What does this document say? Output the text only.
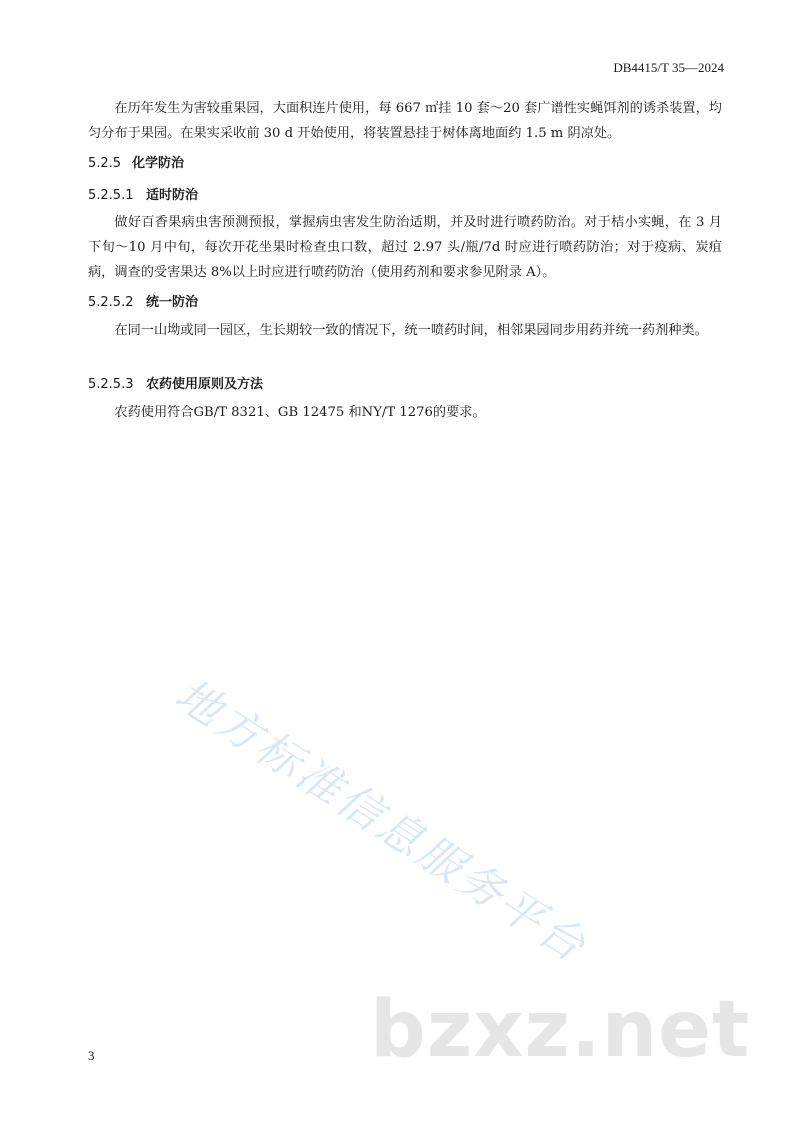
DB4415/T 35—2024

在历年发生为害较重果园，大面积连片使用，每 667 ㎡挂 10 套～20 套广谱性实蝇饵剂的诱杀装置，均匀分布于果园。在果实采收前 30 d 开始使用，将装置悬挂于树体离地面约 1.5 m 阴凉处。

5.2.5 化学防治
5.2.5.1 适时防治

做好百香果病虫害预测预报，掌握病虫害发生防治适期，并及时进行喷药防治。对于桔小实蝇，在 3 月下旬～10 月中旬，每次开花坐果时检查虫口数，超过 2.97 头/瓶/7d 时应进行喷药防治；对于疫病、炭疽病，调查的受害果达 8%以上时应进行喷药防治（使用药剂和要求参见附录 A）。

5.2.5.2 统一防治

在同一山坳或同一园区，生长期较一致的情况下，统一喷药时间，相邻果园同步用药并统一药剂种类。

5.2.5.3 农药使用原则及方法

农药使用符合GB/T 8321、GB 12475 和NY/T 1276的要求。

地方标准信息服务平台
bzxz.net
3
